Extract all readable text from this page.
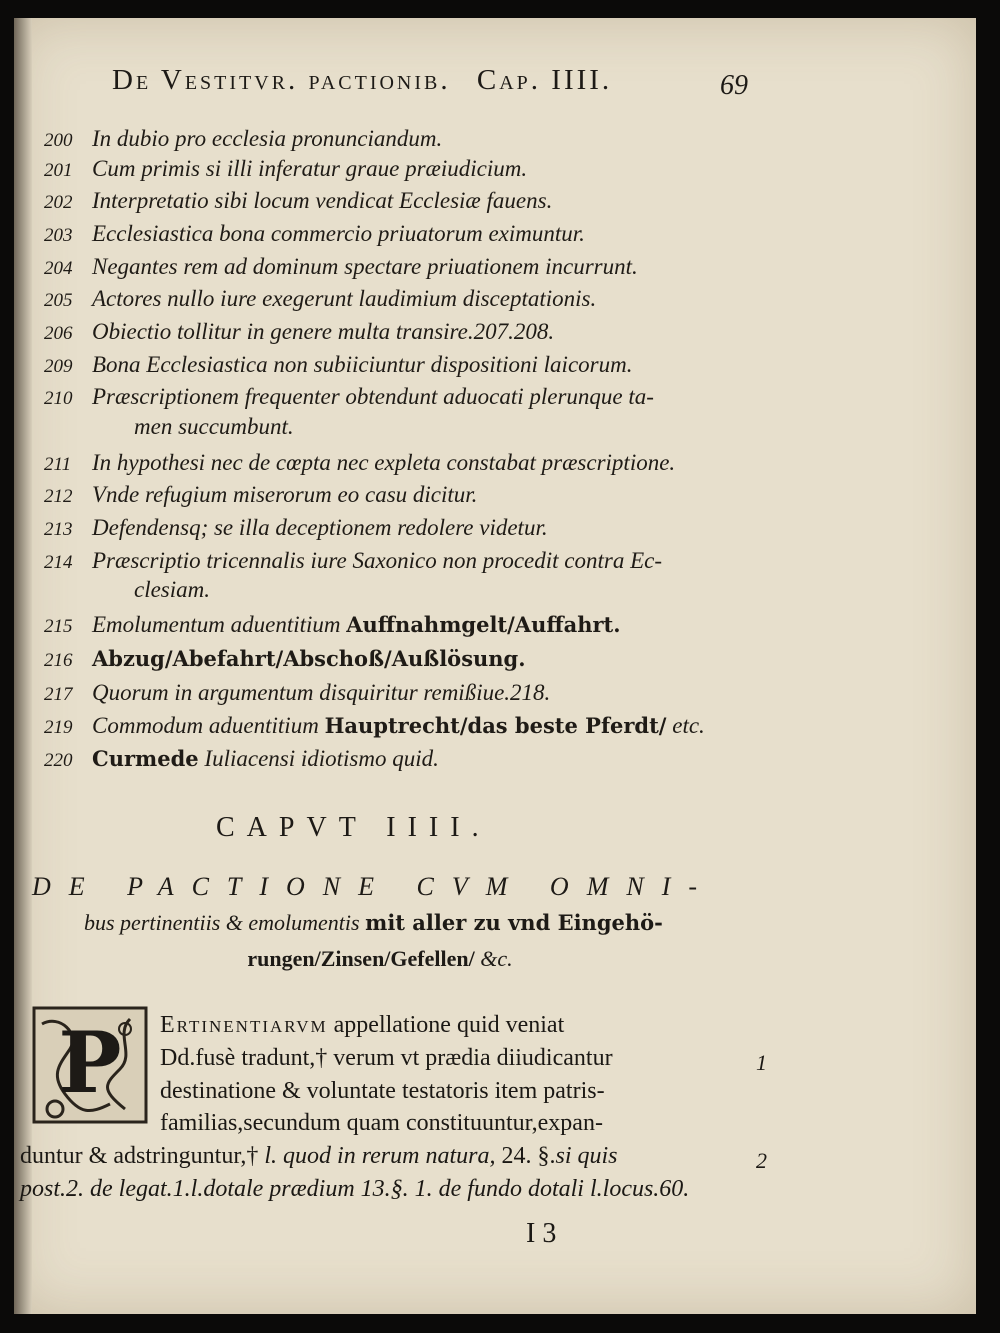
De Vestitvr. pactionib. Cap. IIII.	69
200 In dubio pro ecclesia pronunciandum.
201 Cum primis si illi inferatur graue prӕiudicium.
202 Interpretatio sibi locum vendicat Ecclesiӕ fauens.
203 Ecclesiastica bona commercio priuatorum eximuntur.
204 Negantes rem ad dominum spectare priuationem incurrunt.
205 Actores nullo iure exegerunt laudimium disceptationis.
206 Obiectio tollitur in genere multa transire.207.208.
209 Bona Ecclesiastica non subiiciuntur dispositioni laicorum.
210 Prӕscriptionem frequenter obtendunt aduocati plerunque ta-
men succumbunt.
211 In hypothesi nec de cœpta nec expleta constabat prӕscriptione.
212 Vnde refugium miserorum eo casu dicitur.
213 Defendensq; se illa deceptionem redolere videtur.
214 Prӕscriptio tricennalis iure Saxonico non procedit contra Ec-
clesiam.
215 Emolumentum aduentitium Auffnahmgelt/Auffahrt.
216 Abzug/Abefahrt/Abschoß/Außlösung.
217 Quorum in argumentum disquiritur remißiue.218.
219 Commodum aduentitium Hauptrecht/das beste Pferdt/ etc.
220 Curmede Iuliacensi idiotismo quid.
CAPVT IIII.
DE PACTIONE CVM OMNI-
bus pertinentiis & emolumentis mit aller zu vnd Eingehö-
rungen/Zinsen/Gefellen/ &c.
P Ertinentiarvm appellatione quid veniat
Dd.fusè tradunt,† verum vt prӕdia diiudicantur
destinatione & voluntate testatoris item patris-
familias,secundum quam constituuntur,expan-
duntur & adstringuntur,† l. quod in rerum natura, 24. §.si quis
post.2. de legat.1.l.dotale prӕdium 13.§. 1. de fundo dotali l.locus.60.
1
2
I 3
